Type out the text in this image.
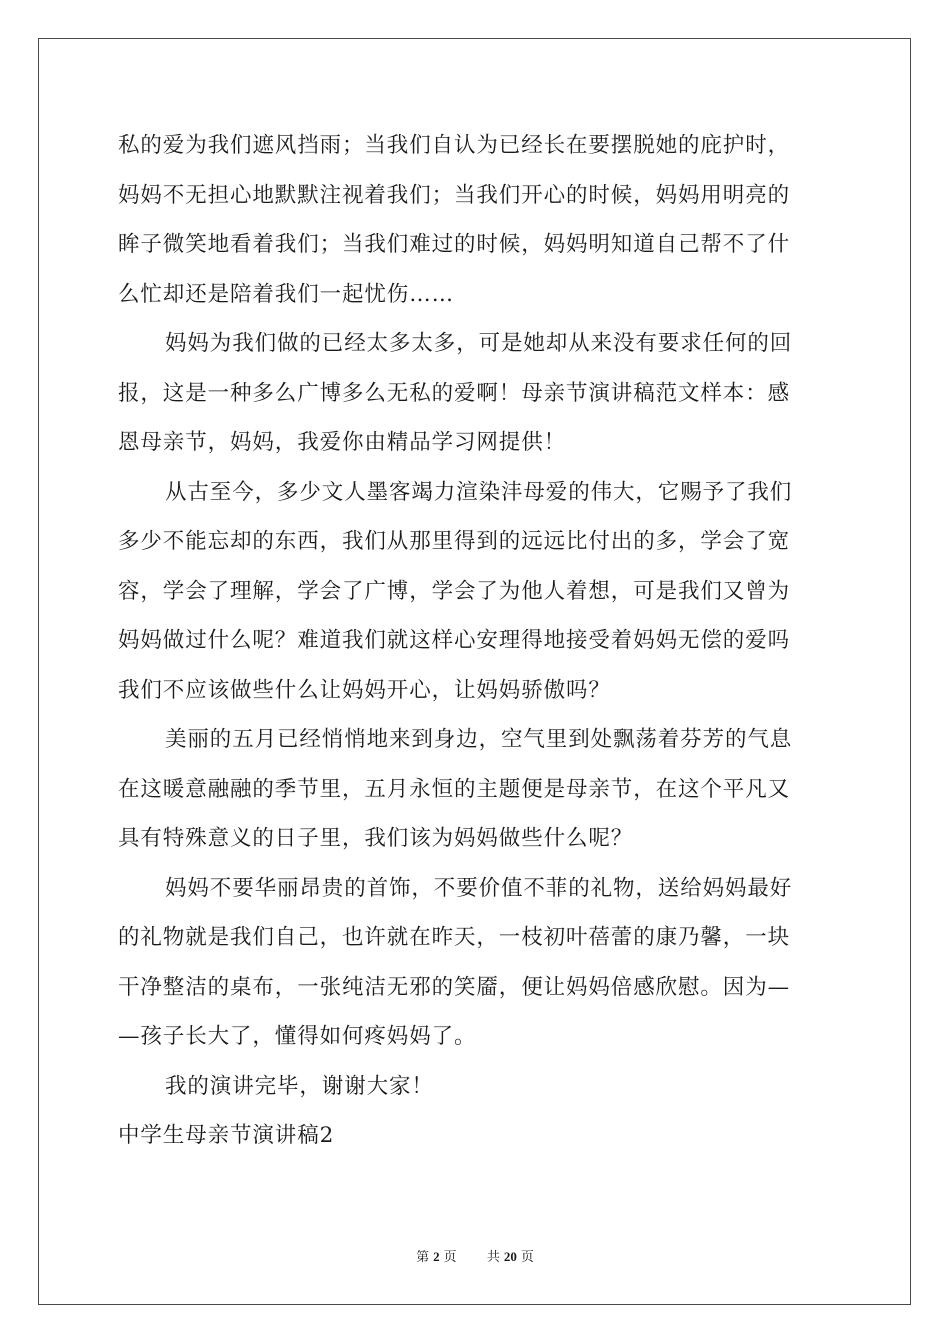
私的爱为我们遮风挡雨；当我们自认为已经长在要摆脱她的庇护时，
妈妈不无担心地默默注视着我们；当我们开心的时候，妈妈用明亮的
眸子微笑地看着我们；当我们难过的时候，妈妈明知道自己帮不了什
么忙却还是陪着我们一起忧伤……
妈妈为我们做的已经太多太多，可是她却从来没有要求任何的回
报，这是一种多么广博多么无私的爱啊！母亲节演讲稿范文样本：感
恩母亲节，妈妈，我爱你由精品学习网提供！
从古至今，多少文人墨客竭力渲染沣母爱的伟大，它赐予了我们
多少不能忘却的东西，我们从那里得到的远远比付出的多，学会了宽
容，学会了理解，学会了广博，学会了为他人着想，可是我们又曾为
妈妈做过什么呢？难道我们就这样心安理得地接受着妈妈无偿的爱吗
我们不应该做些什么让妈妈开心，让妈妈骄傲吗？
美丽的五月已经悄悄地来到身边，空气里到处飘荡着芬芳的气息
在这暖意融融的季节里，五月永恒的主题便是母亲节，在这个平凡又
具有特殊意义的日子里，我们该为妈妈做些什么呢？
妈妈不要华丽昂贵的首饰，不要价值不菲的礼物，送给妈妈最好
的礼物就是我们自己，也许就在昨天，一枝初叶蓓蕾的康乃馨，一块
干净整洁的桌布，一张纯洁无邪的笑靥，便让妈妈倍感欣慰。因为—
—孩子长大了，懂得如何疼妈妈了。
我的演讲完毕，谢谢大家！
中学生母亲节演讲稿2
第 2 页 共 20 页
